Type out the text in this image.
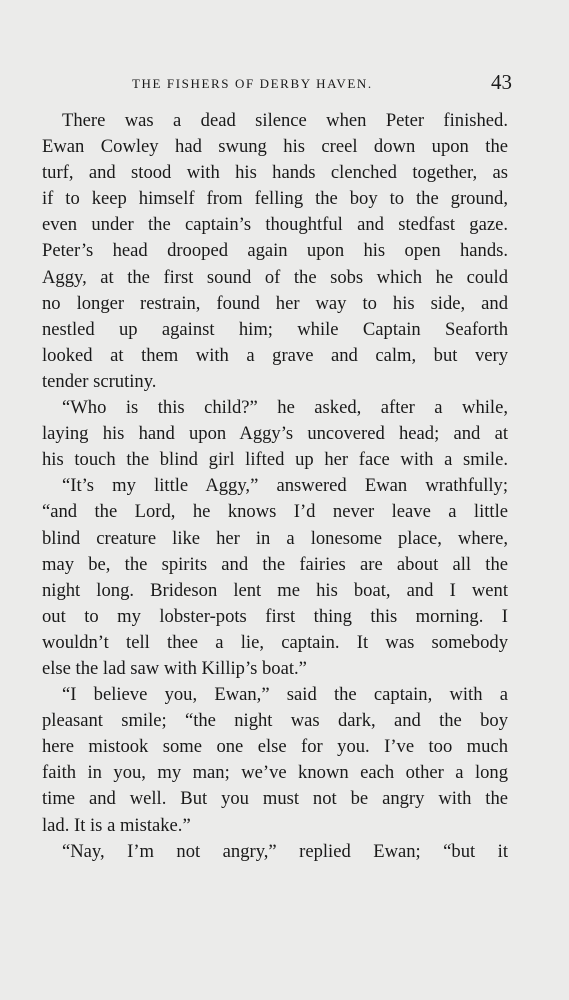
THE FISHERS OF DERBY HAVEN.	43
There was a dead silence when Peter finished.
Ewan Cowley had swung his creel down upon the
turf, and stood with his hands clenched together, as
if to keep himself from felling the boy to the ground,
even under the captain’s thoughtful and stedfast gaze.
Peter’s head drooped again upon his open hands.
Aggy, at the first sound of the sobs which he could
no longer restrain, found her way to his side, and
nestled up against him; while Captain Seaforth
looked at them with a grave and calm, but very
tender scrutiny.
“Who is this child?” he asked, after a while,
laying his hand upon Aggy’s uncovered head; and at
his touch the blind girl lifted up her face with a smile.
“It’s my little Aggy,” answered Ewan wrathfully;
“and the Lord, he knows I’d never leave a little
blind creature like her in a lonesome place, where,
may be, the spirits and the fairies are about all the
night long. Brideson lent me his boat, and I went
out to my lobster-pots first thing this morning. I
wouldn’t tell thee a lie, captain. It was somebody
else the lad saw with Killip’s boat.”
“I believe you, Ewan,” said the captain, with a
pleasant smile; “the night was dark, and the boy
here mistook some one else for you. I’ve too much
faith in you, my man; we’ve known each other a long
time and well. But you must not be angry with the
lad. It is a mistake.”
“Nay, I’m not angry,” replied Ewan; “but it
